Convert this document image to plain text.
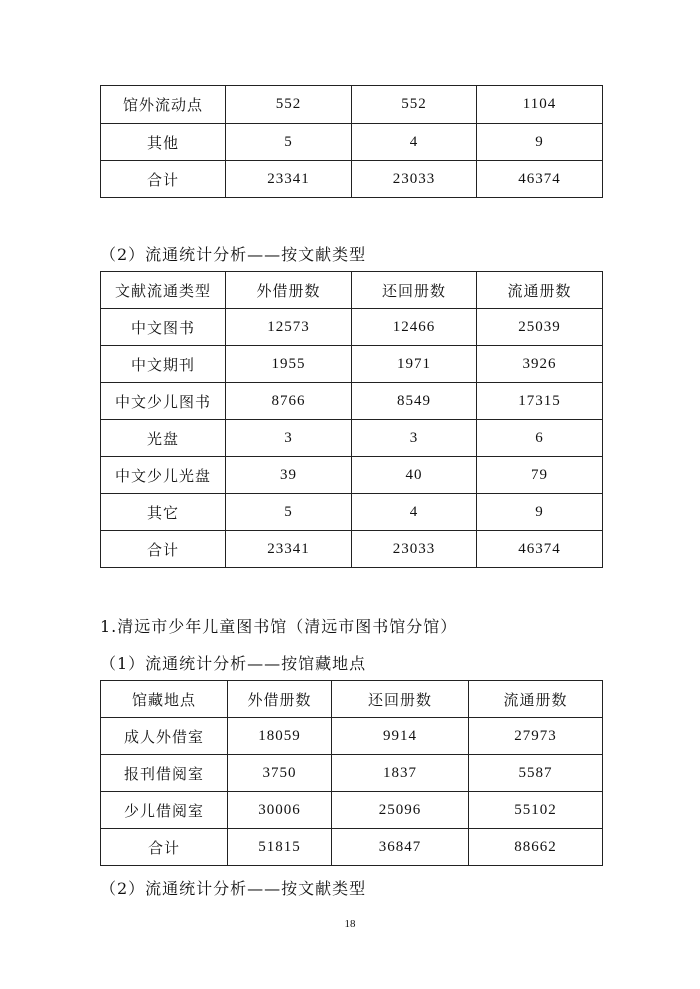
馆外流动点	552	552	1104
其他	5	4	9
合计	23341	23033	46374
（2）流通统计分析——按文献类型
文献流通类型	外借册数	还回册数	流通册数
中文图书	12573	12466	25039
中文期刊	1955	1971	3926
中文少儿图书	8766	8549	17315
光盘	3	3	6
中文少儿光盘	39	40	79
其它	5	4	9
合计	23341	23033	46374
1.清远市少年儿童图书馆（清远市图书馆分馆）
（1）流通统计分析——按馆藏地点
馆藏地点	外借册数	还回册数	流通册数
成人外借室	18059	9914	27973
报刊借阅室	3750	1837	5587
少儿借阅室	30006	25096	55102
合计	51815	36847	88662
（2）流通统计分析——按文献类型
18
